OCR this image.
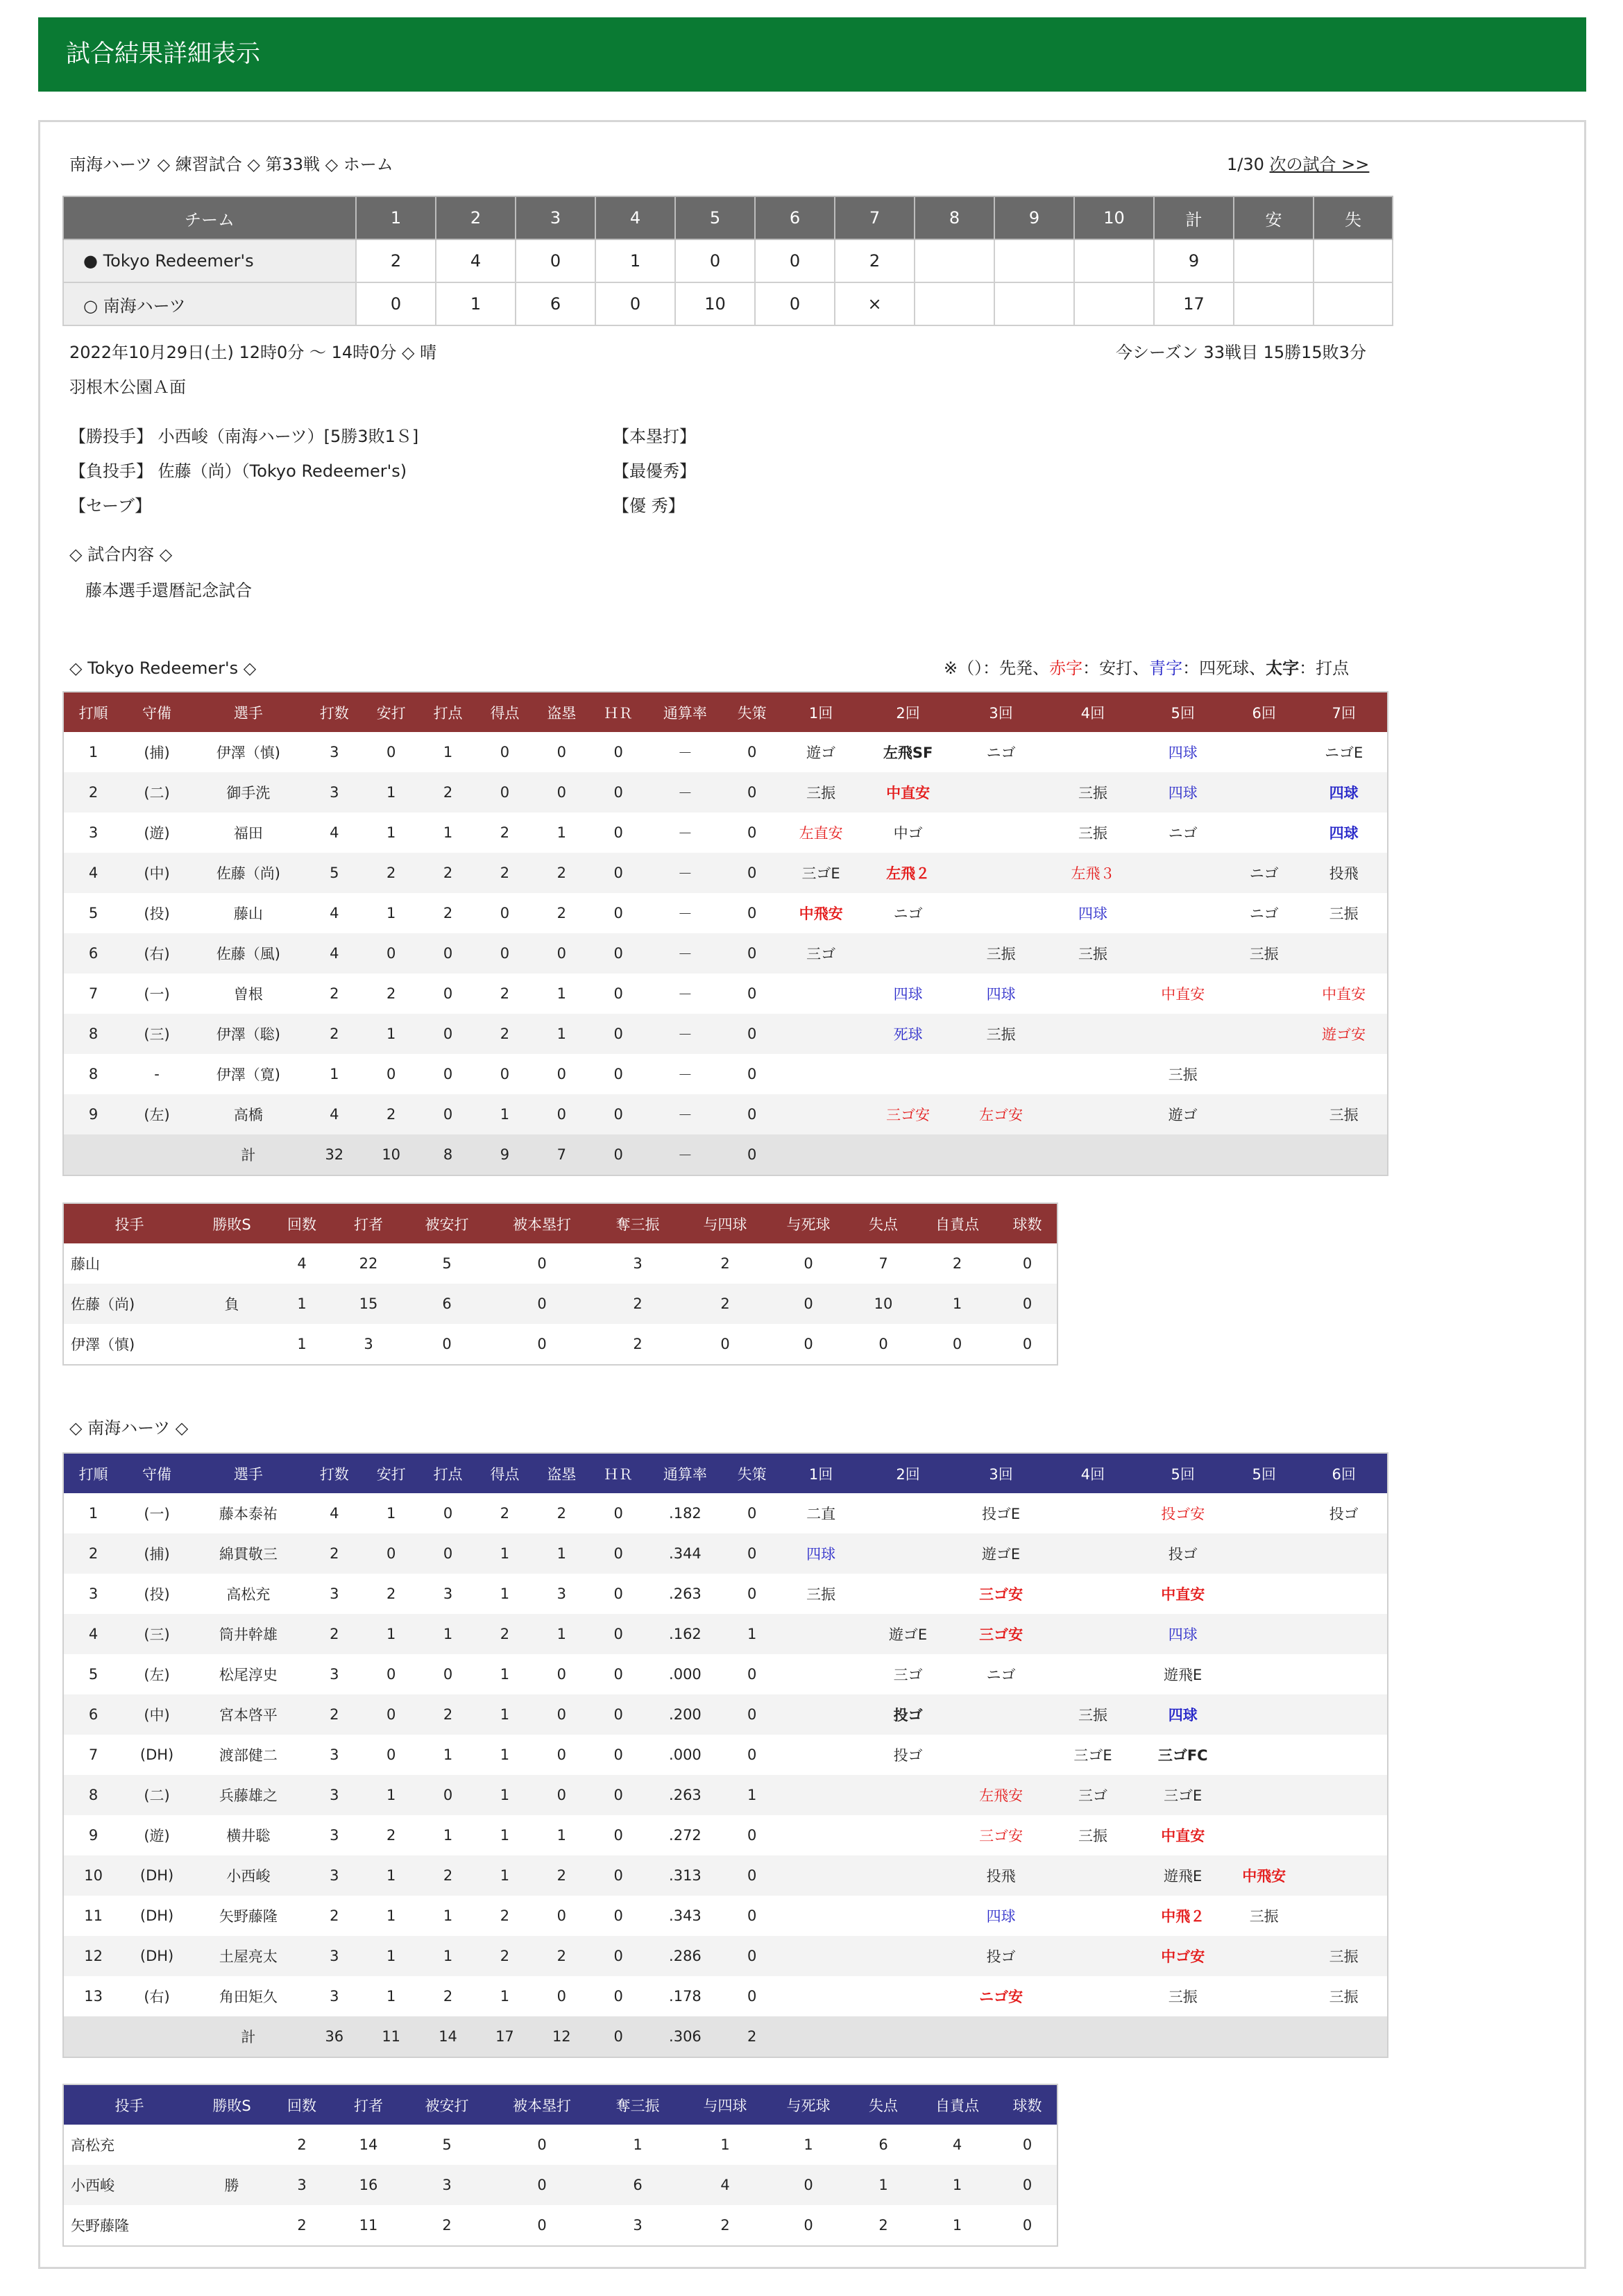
試合結果詳細表示
南海ハーツ ◇ 練習試合 ◇ 第33戦 ◇ ホーム	1/30 次の試合 >>
チーム	1	2	3	4	5	6	7	8	9	10	計	安	失
● Tokyo Redeemer's	2	4	0	1	0	0	2				9		
○ 南海ハーツ	0	1	6	0	10	0	×				17		
2022年10月29日(土) 12時0分 ～ 14時0分 ◇ 晴	今シーズン 33戦目 15勝15敗3分
羽根木公園Ａ面
【勝投手】 小西峻（南海ハーツ）[5勝3敗1Ｓ]
【負投手】 佐藤（尚）（Tokyo Redeemer's)
【セーブ】
【本塁打】
【最優秀】
【優 秀】
◇ 試合内容 ◇
藤本選手還暦記念試合
◇ Tokyo Redeemer's ◇	※（）：先発、赤字：安打、青字：四死球、太字：打点
打順	守備	選手	打数	安打	打点	得点	盗塁	ＨＲ	通算率	失策	1回	2回	3回	4回	5回	6回	7回
1	(捕)	伊澤（慎)	3	0	1	0	0	0	－	0	遊ゴ	左飛SF	ニゴ		四球		ニゴE
2	(二)	御手洗	3	1	2	0	0	0	－	0	三振	中直安		三振	四球		四球
3	(遊)	福田	4	1	1	2	1	0	－	0	左直安	中ゴ		三振	ニゴ		四球
4	(中)	佐藤（尚)	5	2	2	2	2	0	－	0	三ゴE	左飛２		左飛３		ニゴ	投飛
5	(投)	藤山	4	1	2	0	2	0	－	0	中飛安	ニゴ		四球		ニゴ	三振
6	(右)	佐藤（風)	4	0	0	0	0	0	－	0	三ゴ		三振	三振		三振	
7	(一)	曽根	2	2	0	2	1	0	－	0		四球	四球		中直安		中直安
8	(三)	伊澤（聡)	2	1	0	2	1	0	－	0		死球	三振				遊ゴ安
8	-	伊澤（寛)	1	0	0	0	0	0	－	0					三振		
9	(左)	高橋	4	2	0	1	0	0	－	0		三ゴ安	左ゴ安		遊ゴ		三振
		計	32	10	8	9	7	0	－	0							
投手	勝敗S	回数	打者	被安打	被本塁打	奪三振	与四球	与死球	失点	自責点	球数
藤山		4	22	5	0	3	2	0	7	2	0
佐藤（尚)	負	1	15	6	0	2	2	0	10	1	0
伊澤（慎)		1	3	0	0	2	0	0	0	0	0
◇ 南海ハーツ ◇
打順	守備	選手	打数	安打	打点	得点	盗塁	ＨＲ	通算率	失策	1回	2回	3回	4回	5回	5回	6回
1	(一)	藤本泰祐	4	1	0	2	2	0	.182	0	二直		投ゴE		投ゴ安		投ゴ
2	(捕)	綿貫敬三	2	0	0	1	1	0	.344	0	四球		遊ゴE		投ゴ		
3	(投)	高松充	3	2	3	1	3	0	.263	0	三振		三ゴ安		中直安		
4	(三)	筒井幹雄	2	1	1	2	1	0	.162	1		遊ゴE	三ゴ安		四球		
5	(左)	松尾淳史	3	0	0	1	0	0	.000	0		三ゴ	ニゴ		遊飛E		
6	(中)	宮本啓平	2	0	2	1	0	0	.200	0		投ゴ		三振	四球		
7	(DH)	渡部健二	3	0	1	1	0	0	.000	0		投ゴ		三ゴE	三ゴFC		
8	(二)	兵藤雄之	3	1	0	1	0	0	.263	1			左飛安	三ゴ	三ゴE		
9	(遊)	横井聡	3	2	1	1	1	0	.272	0			三ゴ安	三振	中直安		
10	(DH)	小西峻	3	1	2	1	2	0	.313	0			投飛		遊飛E	中飛安	
11	(DH)	矢野藤隆	2	1	1	2	0	0	.343	0			四球		中飛２	三振	
12	(DH)	土屋亮太	3	1	1	2	2	0	.286	0			投ゴ		中ゴ安		三振
13	(右)	角田矩久	3	1	2	1	0	0	.178	0			ニゴ安		三振		三振
		計	36	11	14	17	12	0	.306	2							
投手	勝敗S	回数	打者	被安打	被本塁打	奪三振	与四球	与死球	失点	自責点	球数
高松充		2	14	5	0	1	1	1	6	4	0
小西峻	勝	3	16	3	0	6	4	0	1	1	0
矢野藤隆		2	11	2	0	3	2	0	2	1	0
